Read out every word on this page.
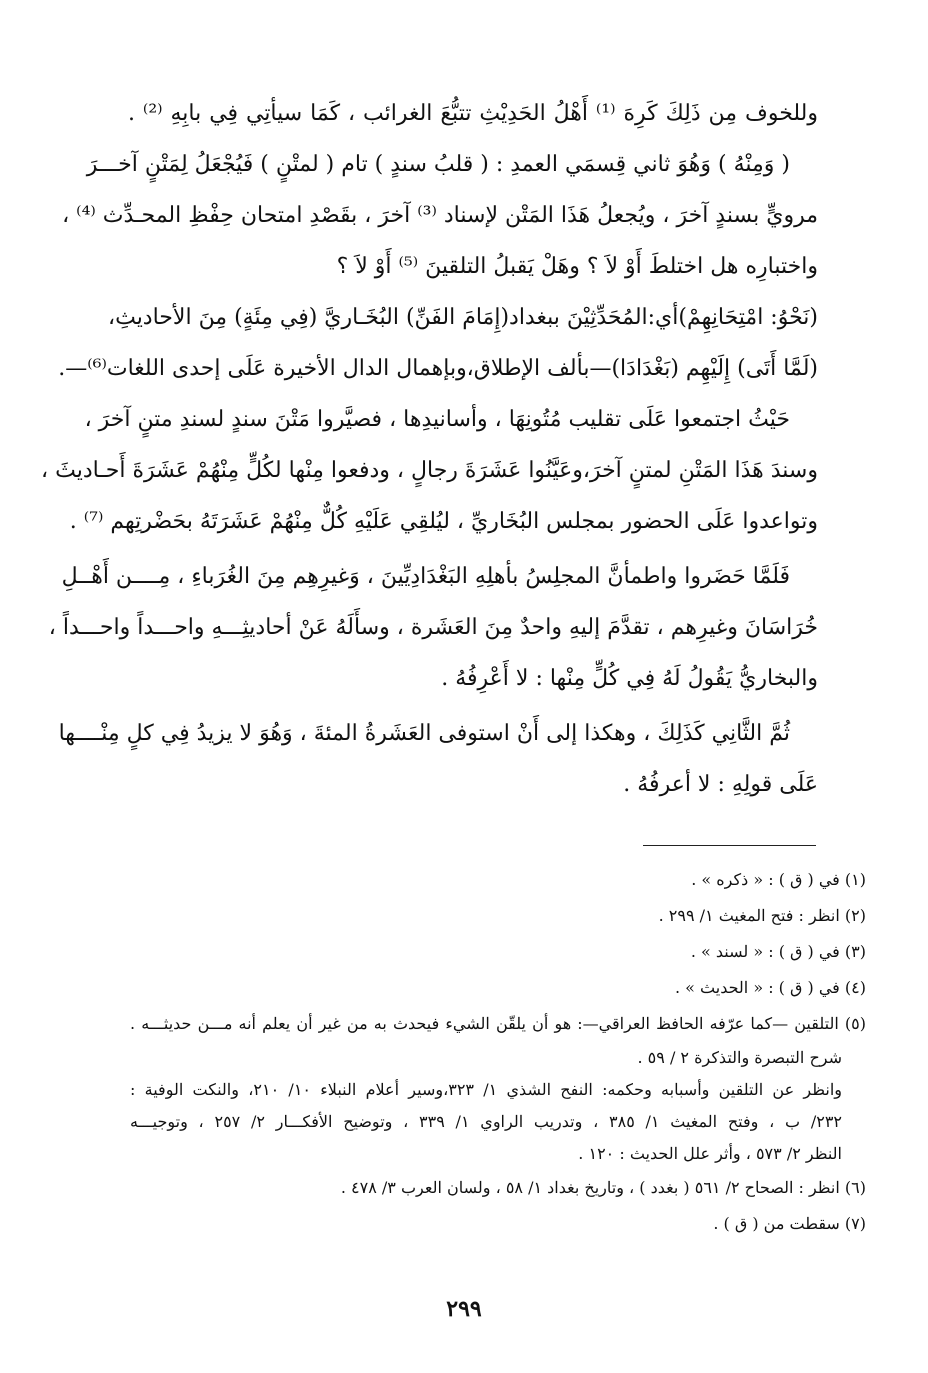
وللخوف مِن ذَلِكَ كَرِهَ ⁽¹⁾ أَهْلُ الحَدِيْثِ تتبُّعَ الغرائب ، كَمَا سيأتِي فِي بابِهِ ⁽²⁾ .
( وَمِنْهُ ) وَهُوَ ثاني قِسمَي العمدِ : ( قلبُ سندٍ ) تام ( لمتْنٍ ) فَيُجْعَلُ لِمَتْنٍ آخـــرَ
مرويٍّ بسندٍ آخرَ ، ويُجعلُ هَذَا المَتْن لإسناد ⁽³⁾ آخرَ ، بقَصْدِ امتحان حِفْظِ المحـدِّث ⁽⁴⁾ ،
واختبارِه هل اختلطَ أَوْ لاَ ؟ وهَلْ يَقبلُ التلقينَ ⁽⁵⁾ أَوْ لاَ ؟
(نَحْوُ: امْتِحَانِهِمْ)أي:المُحَدِّثِيْنَ ببغداد(إِمَامَ الفَنِّ) البُخَـاريَّ (فِي مِئَةٍ) مِنَ الأحاديثِ،
(لَمَّا أَتَى) إِلَيْهِم (بَغْدَادَا)—بألف الإطلاق،وبإهمال الدال الأخيرة عَلَى إحدى اللغات⁽⁶⁾—.
حَيْثُ اجتمعوا عَلَى تقليب مُتُونِهَا ، وأسانيدِها ، فصيَّروا مَتْنَ سندٍ لسندِ متنٍ آخرَ ،
وسندَ هَذَا المَتْنِ لمتنٍ آخرَ،وعَيَّنُوا عَشَرَةَ رجالٍ ، ودفعوا مِنْها لكُلٍّ مِنْهُمْ عَشَرَةَ أَحـاديثَ ،
وتواعدوا عَلَى الحضور بمجلس البُخَاريِّ ، ليُلقِي عَلَيْهِ كُلٌّ مِنْهُمْ عَشَرَتَهُ بحَضْرتِهم ⁽⁷⁾ .
فَلَمَّا حَضَروا واطمأنَّ المجلِسُ بأهلِهِ البَغْدَادِيِّينَ ، وَغيرِهِم مِنَ الغُرَباءِ ، مِــــن أَهْــلِ
خُرَاسَانَ وغيرِهم ، تقدَّمَ إليهِ واحدٌ مِنَ العَشَرة ، وسأَلَهُ عَنْ أحاديثِـــهِ واحـــداً واحـــداً ،
والبخاريُّ يَقُولُ لَهُ فِي كُلٍّ مِنْها : لا أَعْرِفُهُ .
ثُمَّ الثَّانِي كَذَلِكَ ، وهكذا إلى أَنْ استوفى العَشَرةُ المئةَ ، وَهُوَ لا يزيدُ فِي كلٍ مِنْــــها
عَلَى قولِهِ : لا أعرفُهُ .
(١) في ( ق ) : « ذكره » .
(٢) انظر : فتح المغيث ١/ ٢٩٩ .
(٣) في ( ق ) : « لسند » .
(٤) في ( ق ) : « الحديث » .
(٥) التلقين —كما عرّفه الحافظ العراقي—: هو أن يلقّن الشيء فيحدث به من غير أن يعلم أنه مـــن حديثـــه .
شرح التبصرة والتذكرة ٢ / ٥٩ .
وانظر عن التلقين وأسبابه وحكمه: النفح الشذي ١/ ٣٢٣،وسير أعلام النبلاء ١٠/ ٢١٠، والنكت الوفية :
٢٣٢/ ب ، وفتح المغيث ١/ ٣٨٥ ، وتدريب الراوي ١/ ٣٣٩ ، وتوضيح الأفكـــار ٢/ ٢٥٧ ، وتوجيـــه
النظر ٢/ ٥٧٣ ، وأثر علل الحديث : ١٢٠ .
(٦) انظر : الصحاح ٢/ ٥٦١ ( بغدد ) ، وتاريخ بغداد ١/ ٥٨ ، ولسان العرب ٣/ ٤٧٨ .
(٧) سقطت من ( ق ) .
٢٩٩
